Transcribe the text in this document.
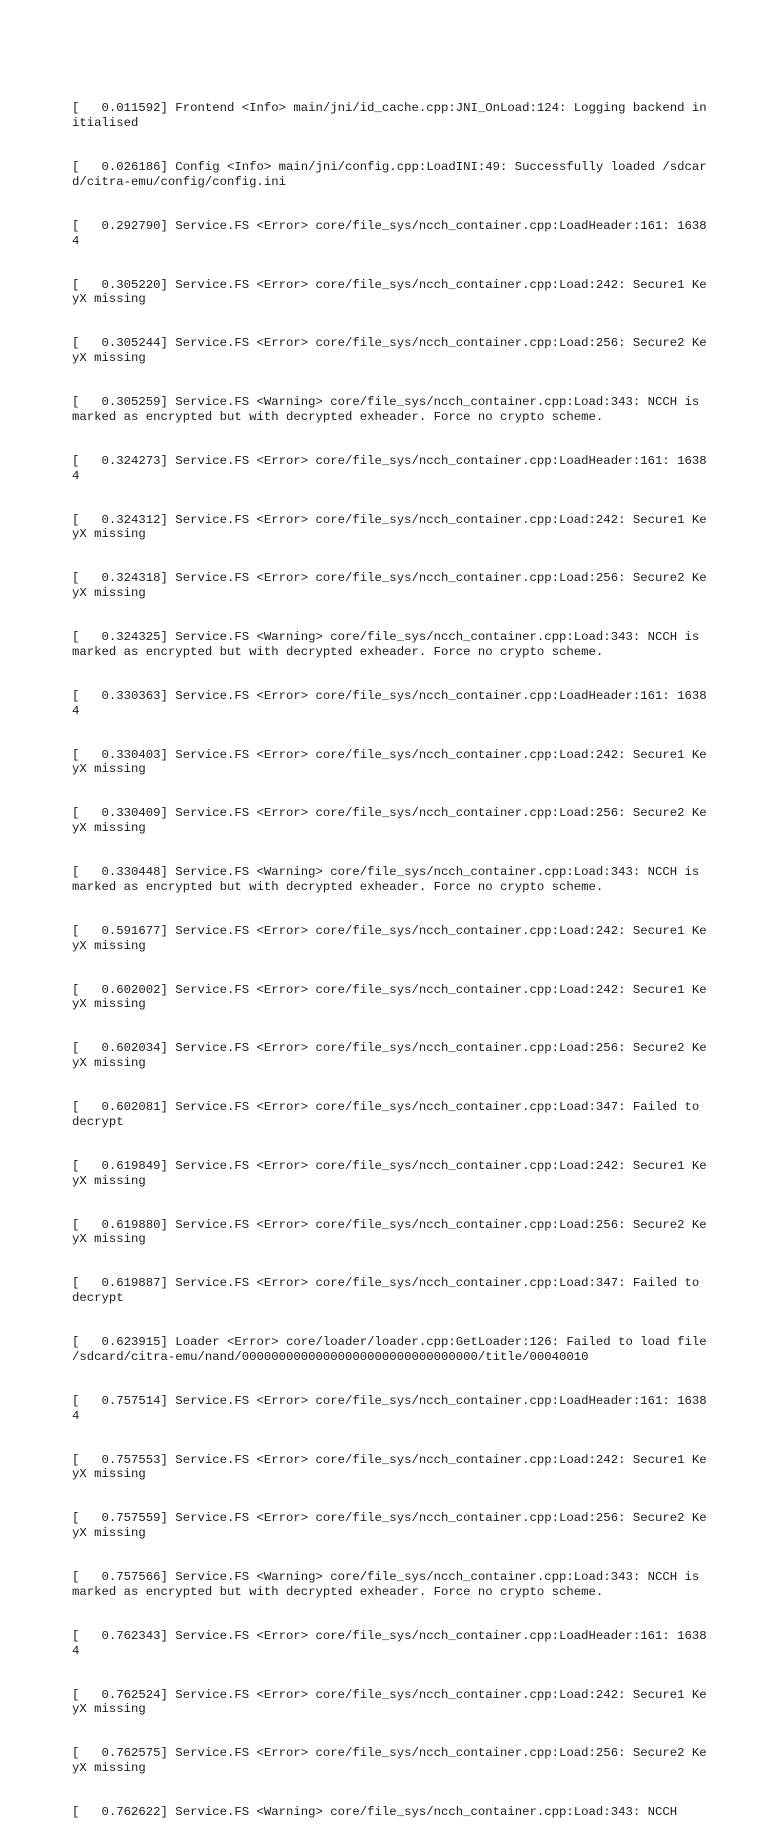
[   0.011592] Frontend <Info> main/jni/id_cache.cpp:JNI_OnLoad:124: Logging backend initialised

[   0.026186] Config <Info> main/jni/config.cpp:LoadINI:49: Successfully loaded /sdcard/citra-emu/config/config.ini

[   0.292790] Service.FS <Error> core/file_sys/ncch_container.cpp:LoadHeader:161: 16384

[   0.305220] Service.FS <Error> core/file_sys/ncch_container.cpp:Load:242: Secure1 KeyX missing

[   0.305244] Service.FS <Error> core/file_sys/ncch_container.cpp:Load:256: Secure2 KeyX missing

[   0.305259] Service.FS <Warning> core/file_sys/ncch_container.cpp:Load:343: NCCH is marked as encrypted but with decrypted exheader. Force no crypto scheme.

[   0.324273] Service.FS <Error> core/file_sys/ncch_container.cpp:LoadHeader:161: 16384

[   0.324312] Service.FS <Error> core/file_sys/ncch_container.cpp:Load:242: Secure1 KeyX missing

[   0.324318] Service.FS <Error> core/file_sys/ncch_container.cpp:Load:256: Secure2 KeyX missing

[   0.324325] Service.FS <Warning> core/file_sys/ncch_container.cpp:Load:343: NCCH is marked as encrypted but with decrypted exheader. Force no crypto scheme.

[   0.330363] Service.FS <Error> core/file_sys/ncch_container.cpp:LoadHeader:161: 16384

[   0.330403] Service.FS <Error> core/file_sys/ncch_container.cpp:Load:242: Secure1 KeyX missing

[   0.330409] Service.FS <Error> core/file_sys/ncch_container.cpp:Load:256: Secure2 KeyX missing

[   0.330448] Service.FS <Warning> core/file_sys/ncch_container.cpp:Load:343: NCCH is marked as encrypted but with decrypted exheader. Force no crypto scheme.

[   0.591677] Service.FS <Error> core/file_sys/ncch_container.cpp:Load:242: Secure1 KeyX missing

[   0.602002] Service.FS <Error> core/file_sys/ncch_container.cpp:Load:242: Secure1 KeyX missing

[   0.602034] Service.FS <Error> core/file_sys/ncch_container.cpp:Load:256: Secure2 KeyX missing

[   0.602081] Service.FS <Error> core/file_sys/ncch_container.cpp:Load:347: Failed to decrypt

[   0.619849] Service.FS <Error> core/file_sys/ncch_container.cpp:Load:242: Secure1 KeyX missing

[   0.619880] Service.FS <Error> core/file_sys/ncch_container.cpp:Load:256: Secure2 KeyX missing

[   0.619887] Service.FS <Error> core/file_sys/ncch_container.cpp:Load:347: Failed to decrypt

[   0.623915] Loader <Error> core/loader/loader.cpp:GetLoader:126: Failed to load file /sdcard/citra-emu/nand/00000000000000000000000000000000/title/00040010

[   0.757514] Service.FS <Error> core/file_sys/ncch_container.cpp:LoadHeader:161: 16384

[   0.757553] Service.FS <Error> core/file_sys/ncch_container.cpp:Load:242: Secure1 KeyX missing

[   0.757559] Service.FS <Error> core/file_sys/ncch_container.cpp:Load:256: Secure2 KeyX missing

[   0.757566] Service.FS <Warning> core/file_sys/ncch_container.cpp:Load:343: NCCH is marked as encrypted but with decrypted exheader. Force no crypto scheme.

[   0.762343] Service.FS <Error> core/file_sys/ncch_container.cpp:LoadHeader:161: 16384

[   0.762524] Service.FS <Error> core/file_sys/ncch_container.cpp:Load:242: Secure1 KeyX missing

[   0.762575] Service.FS <Error> core/file_sys/ncch_container.cpp:Load:256: Secure2 KeyX missing

[   0.762622] Service.FS <Warning> core/file_sys/ncch_container.cpp:Load:343: NCCH
